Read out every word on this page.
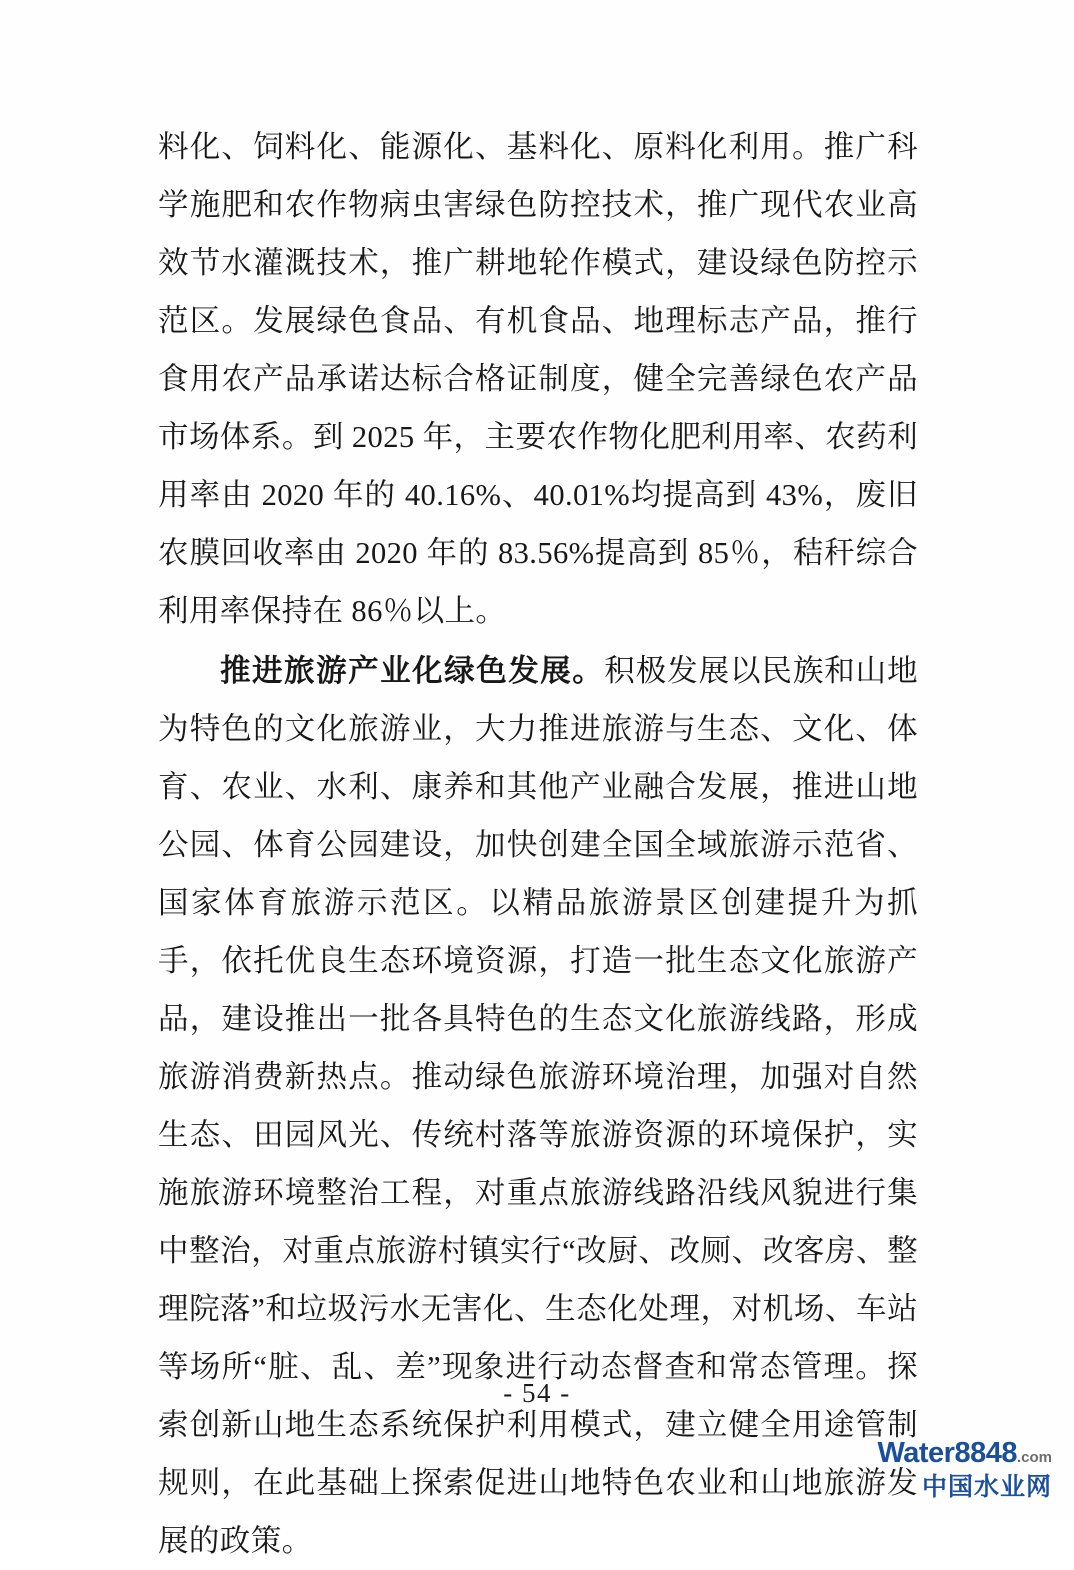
料化、饲料化、能源化、基料化、原料化利用。推广科学施肥和农作物病虫害绿色防控技术，推广现代农业高效节水灌溉技术，推广耕地轮作模式，建设绿色防控示范区。发展绿色食品、有机食品、地理标志产品，推行食用农产品承诺达标合格证制度，健全完善绿色农产品市场体系。到 2025 年，主要农作物化肥利用率、农药利用率由 2020 年的 40.16%、40.01%均提高到 43%，废旧农膜回收率由 2020 年的 83.56%提高到 85％，秸秆综合利用率保持在 86％以上。

推进旅游产业化绿色发展。积极发展以民族和山地为特色的文化旅游业，大力推进旅游与生态、文化、体育、农业、水利、康养和其他产业融合发展，推进山地公园、体育公园建设，加快创建全国全域旅游示范省、国家体育旅游示范区。以精品旅游景区创建提升为抓手，依托优良生态环境资源，打造一批生态文化旅游产品，建设推出一批各具特色的生态文化旅游线路，形成旅游消费新热点。推动绿色旅游环境治理，加强对自然生态、田园风光、传统村落等旅游资源的环境保护，实施旅游环境整治工程，对重点旅游线路沿线风貌进行集中整治，对重点旅游村镇实行“改厨、改厕、改客房、整理院落”和垃圾污水无害化、生态化处理，对机场、车站等场所“脏、乱、差”现象进行动态督查和常态管理。探索创新山地生态系统保护利用模式，建立健全用途管制规则，在此基础上探索促进山地特色农业和山地旅游发展的政策。

- 54 -
Water8848.com
中国水业网
